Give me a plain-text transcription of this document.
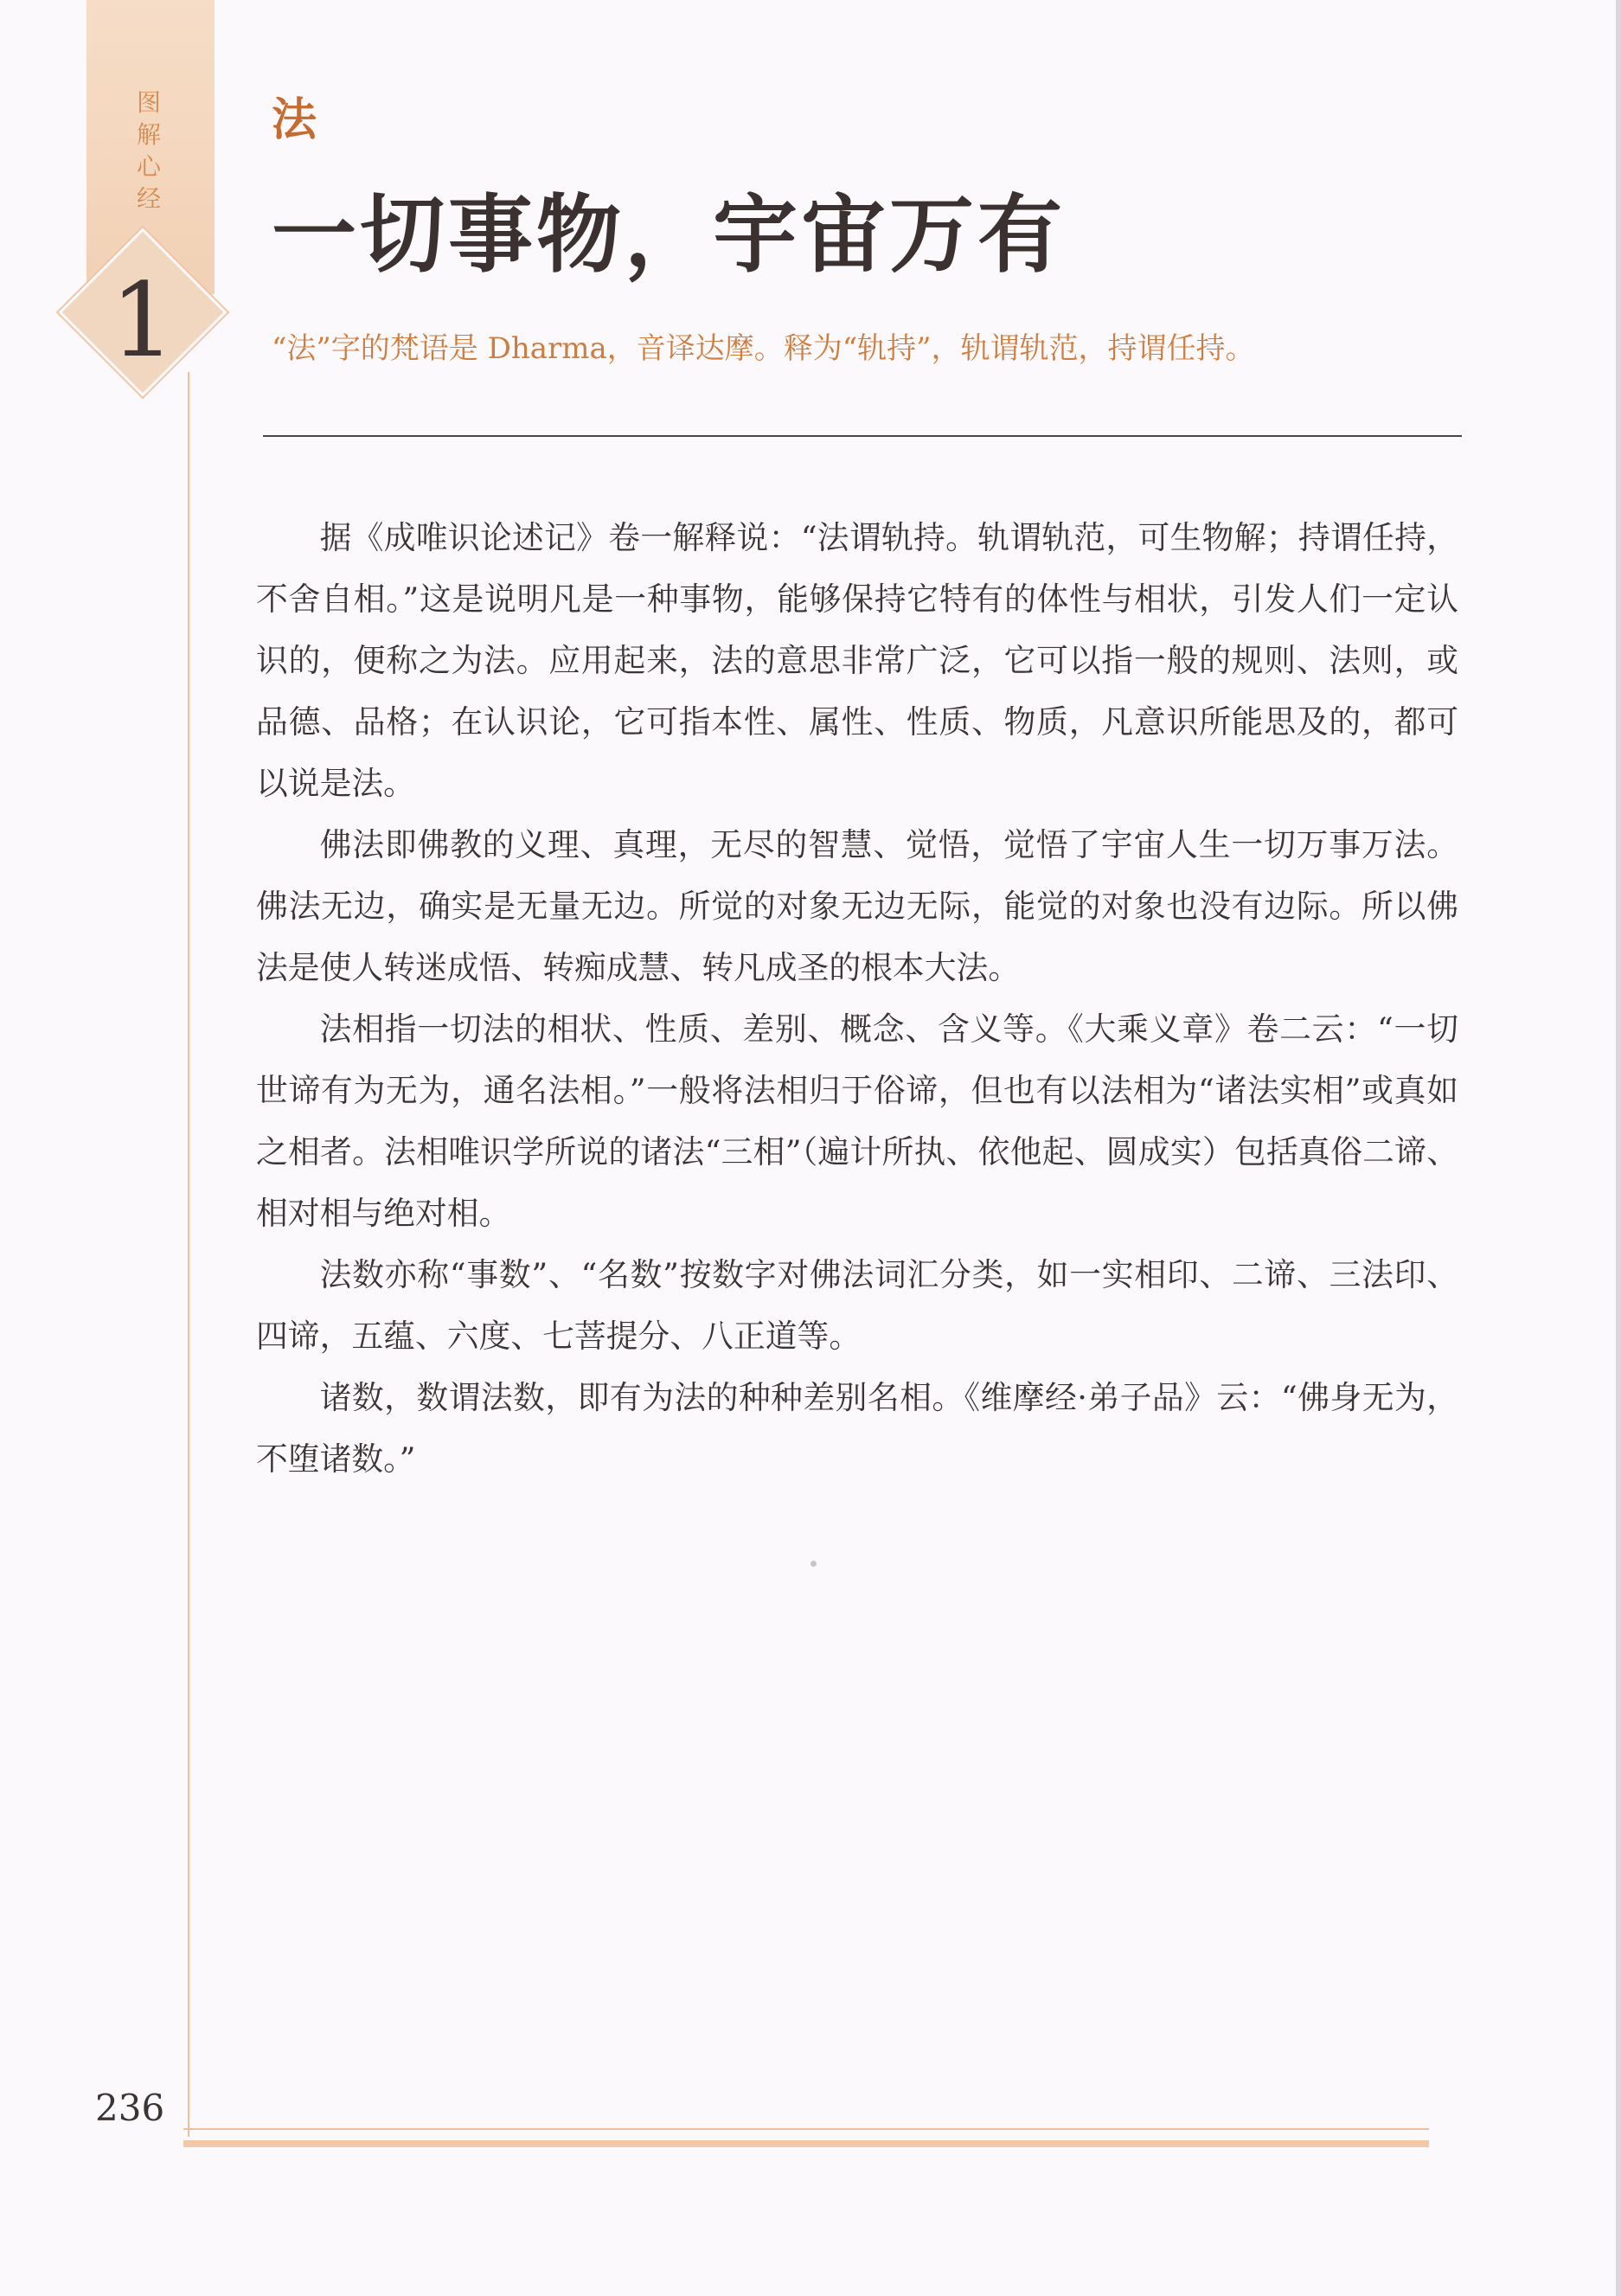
图
解
心
经
1
法
一切事物，宇宙万有
“法”字的梵语是 Dharma，音译达摩。释为“轨持”，轨谓轨范，持谓任持。

据《成唯识论述记》卷一解释说：“法谓轨持。轨谓轨范，可生物解；持谓任持，不舍自相。”这是说明凡是一种事物，能够保持它特有的体性与相状，引发人们一定认识的，便称之为法。应用起来，法的意思非常广泛，它可以指一般的规则、法则，或品德、品格；在认识论，它可指本性、属性、性质、物质，凡意识所能思及的，都可以说是法。

佛法即佛教的义理、真理，无尽的智慧、觉悟，觉悟了宇宙人生一切万事万法。佛法无边，确实是无量无边。所觉的对象无边无际，能觉的对象也没有边际。所以佛法是使人转迷成悟、转痴成慧、转凡成圣的根本大法。

法相指一切法的相状、性质、差别、概念、含义等。《大乘义章》卷二云：“一切世谛有为无为，通名法相。”一般将法相归于俗谛，但也有以法相为“诸法实相”或真如之相者。法相唯识学所说的诸法“三相”（遍计所执、依他起、圆成实）包括真俗二谛、相对相与绝对相。

法数亦称“事数”、“名数”按数字对佛法词汇分类，如一实相印、二谛、三法印、四谛，五蕴、六度、七菩提分、八正道等。

诸数，数谓法数，即有为法的种种差别名相。《维摩经·弟子品》云：“佛身无为，不堕诸数。”

236
